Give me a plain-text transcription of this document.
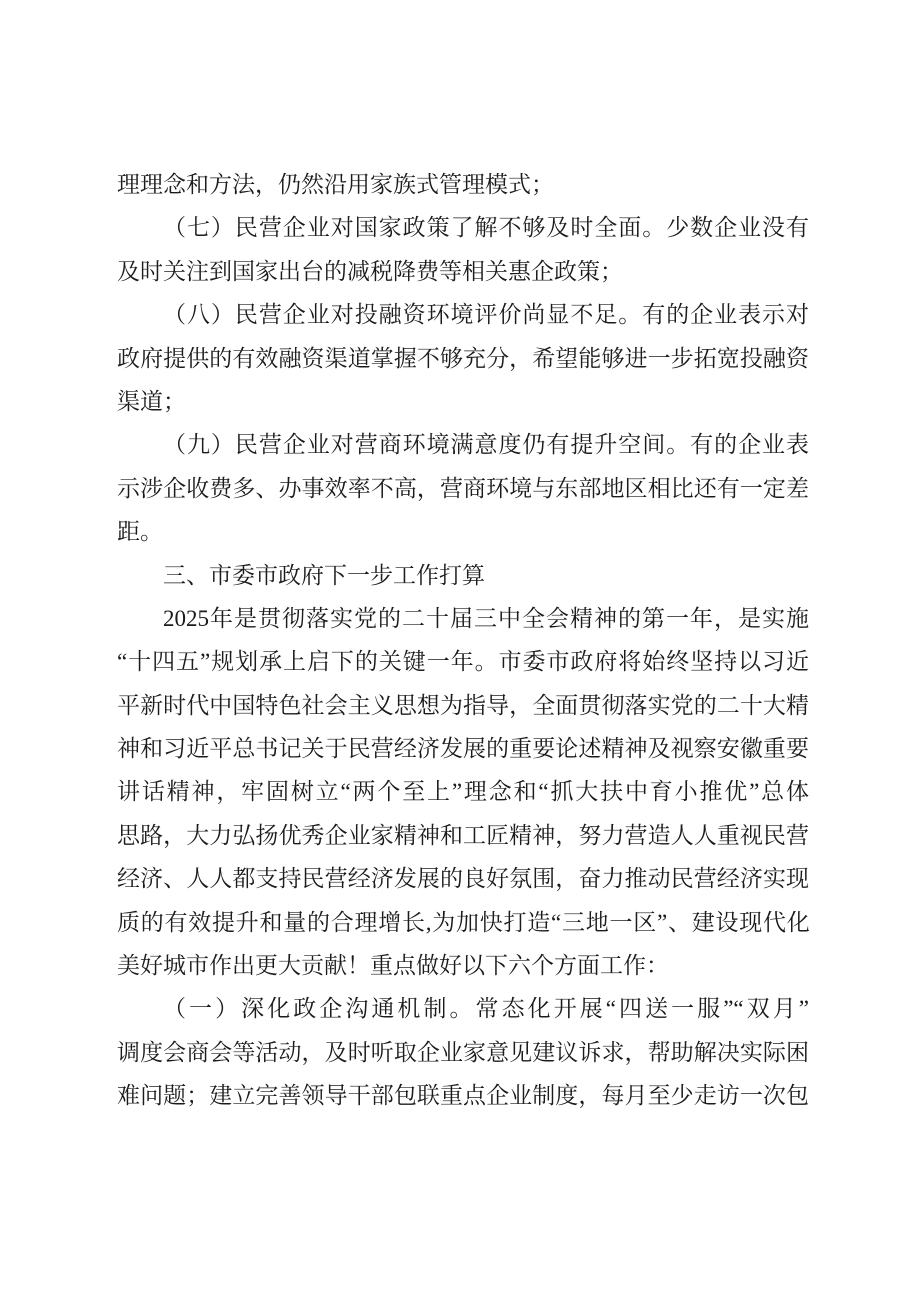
理理念和方法，仍然沿用家族式管理模式；
（七）民营企业对国家政策了解不够及时全面。少数企业没有
及时关注到国家出台的减税降费等相关惠企政策；
（八）民营企业对投融资环境评价尚显不足。有的企业表示对
政府提供的有效融资渠道掌握不够充分，希望能够进一步拓宽投融资
渠道；
（九）民营企业对营商环境满意度仍有提升空间。有的企业表
示涉企收费多、办事效率不高，营商环境与东部地区相比还有一定差
距。
三、市委市政府下一步工作打算
2025年是贯彻落实党的二十届三中全会精神的第一年，是实施
“十四五”规划承上启下的关键一年。市委市政府将始终坚持以习近
平新时代中国特色社会主义思想为指导，全面贯彻落实党的二十大精
神和习近平总书记关于民营经济发展的重要论述精神及视察安徽重要
讲话精神，牢固树立“两个至上”理念和“抓大扶中育小推优”总体
思路，大力弘扬优秀企业家精神和工匠精神，努力营造人人重视民营
经济、人人都支持民营经济发展的良好氛围，奋力推动民营经济实现
质的有效提升和量的合理增长,为加快打造“三地一区”、建设现代化
美好城市作出更大贡献！重点做好以下六个方面工作：
（一）深化政企沟通机制。常态化开展“四送一服”“双月”
调度会商会等活动，及时听取企业家意见建议诉求，帮助解决实际困
难问题；建立完善领导干部包联重点企业制度，每月至少走访一次包
